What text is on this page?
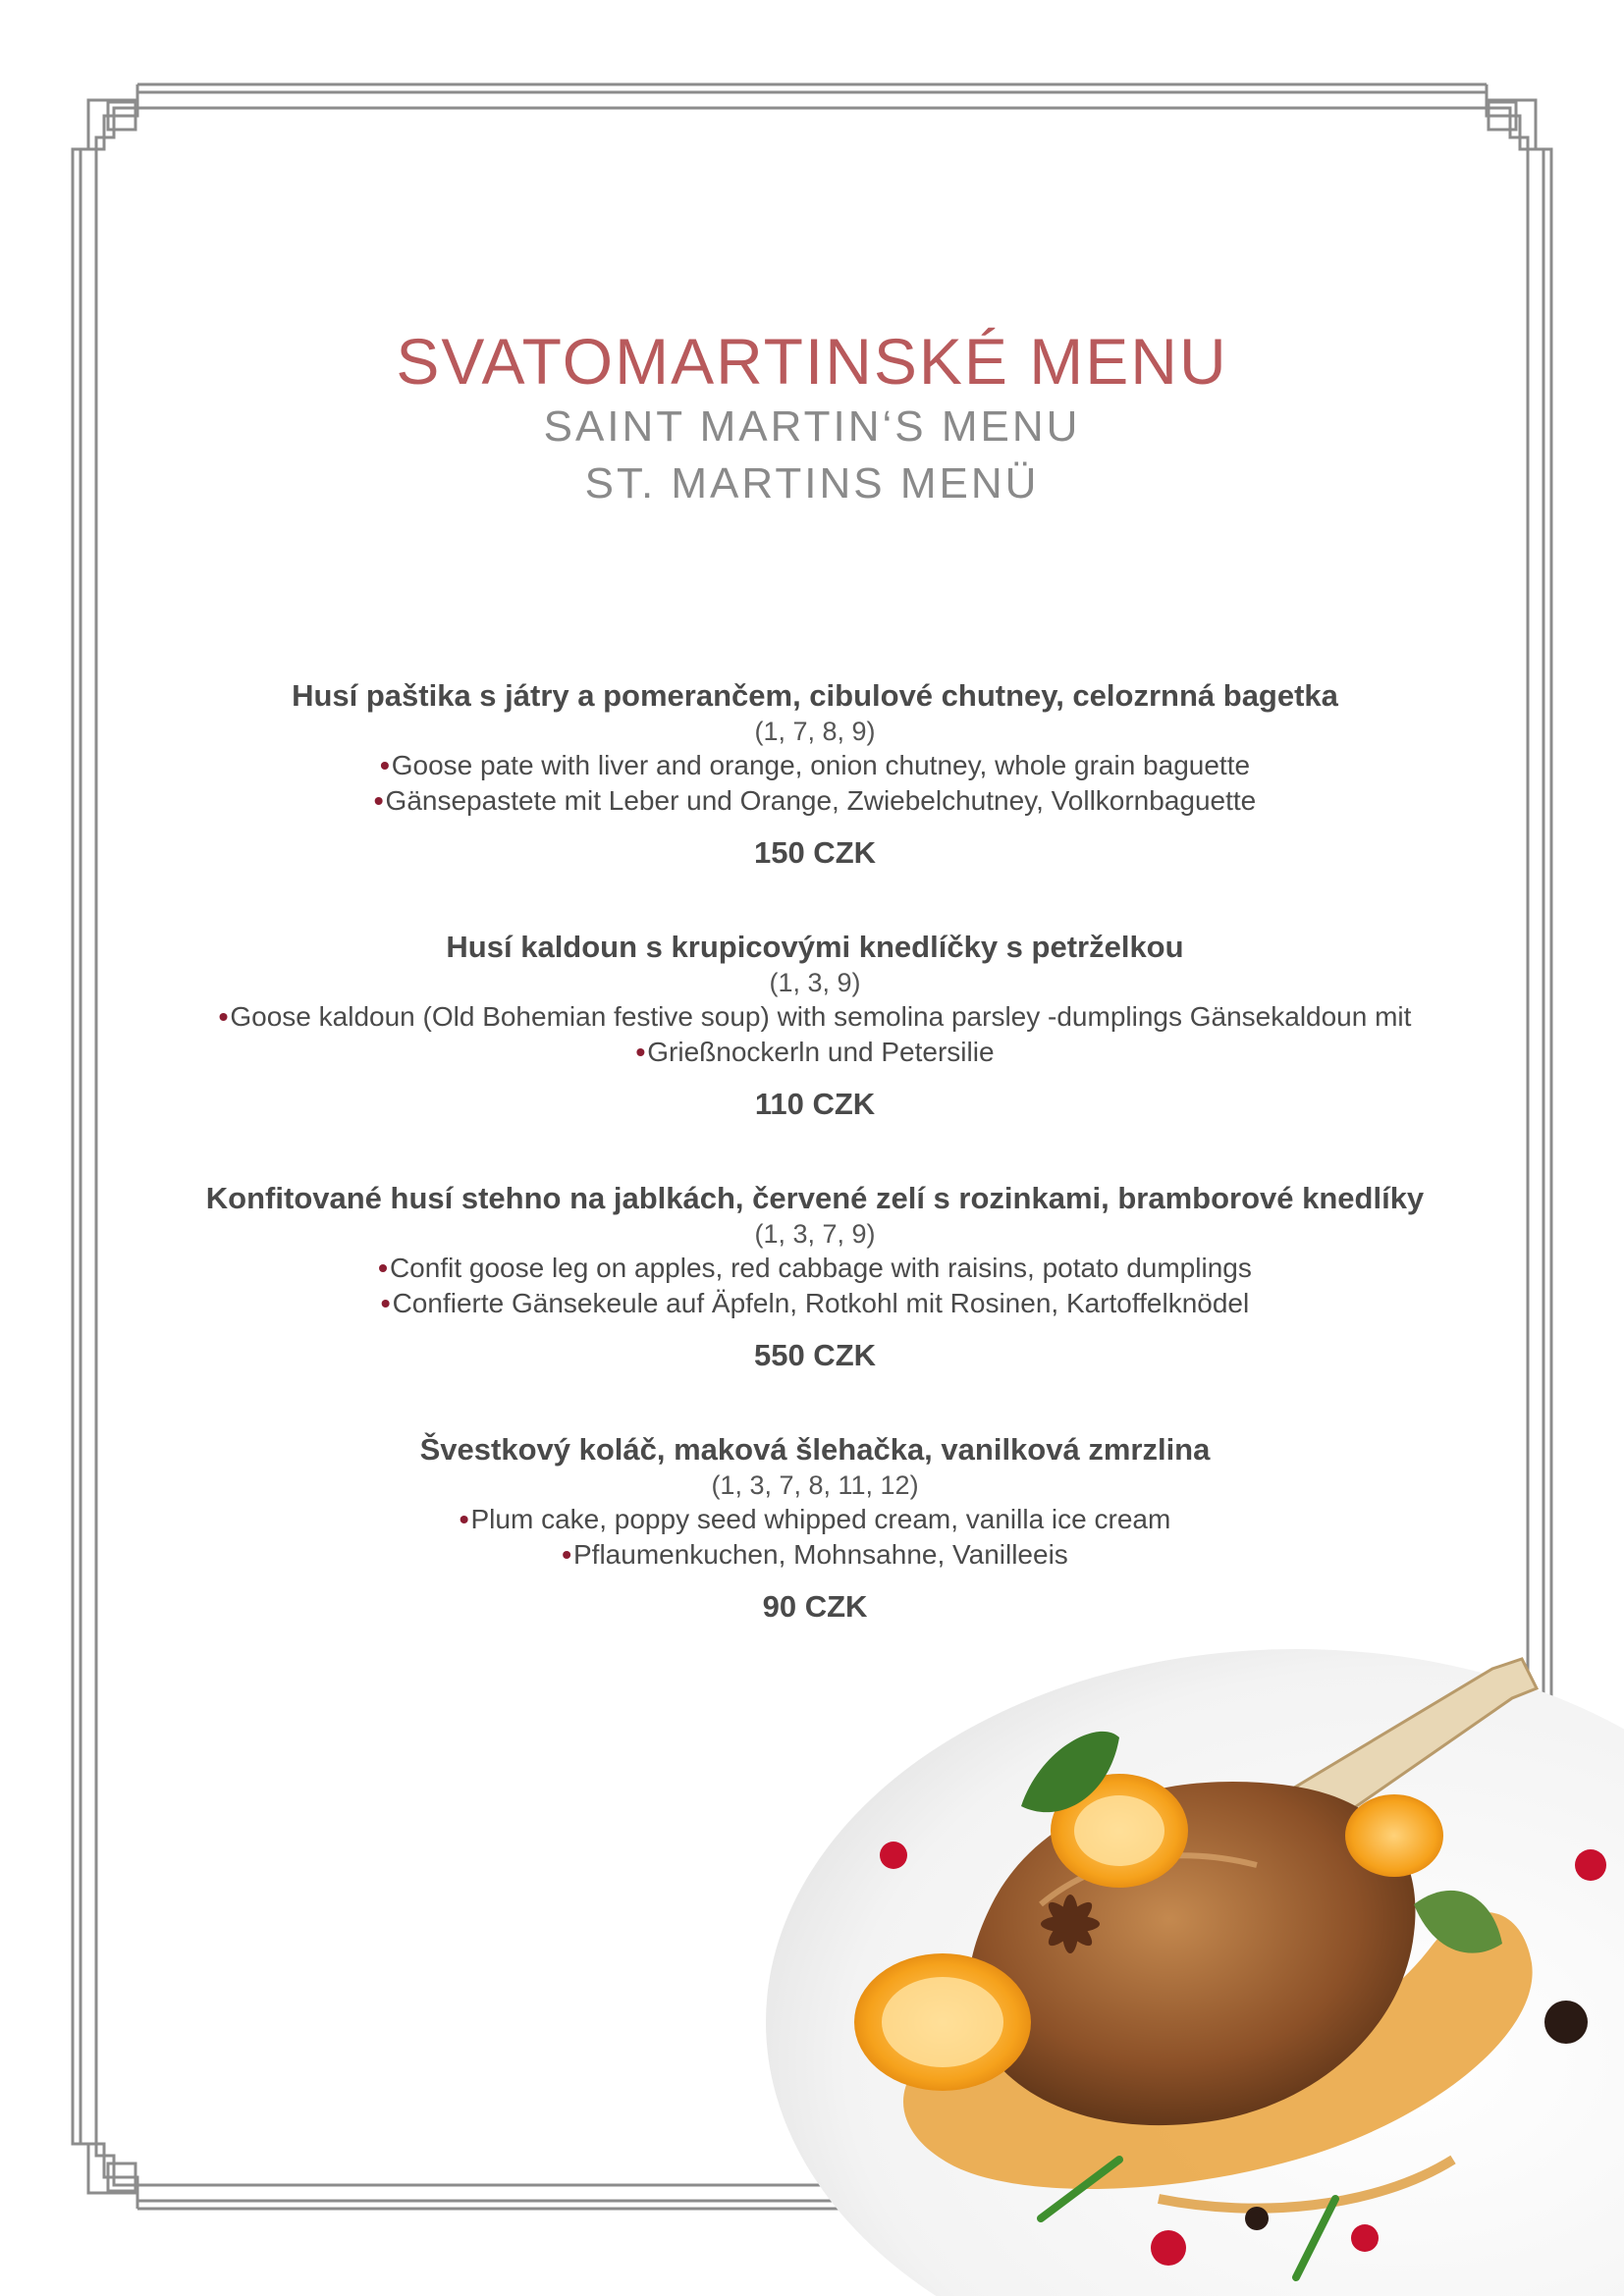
SVATOMARTINSKÉ MENU
SAINT MARTIN‘S MENU
ST. MARTINS MENÜ
Husí paštika s játry a pomerančem, cibulové chutney, celozrnná bagetka
(1, 7, 8, 9)
•Goose pate with liver and orange, onion chutney, whole grain baguette
•Gänsepastete mit Leber und Orange, Zwiebelchutney, Vollkornbaguette
150 CZK
Husí kaldoun s krupicovými knedlíčky s petrželkou
(1, 3, 9)
•Goose kaldoun (Old Bohemian festive soup) with semolina parsley -dumplings Gänsekaldoun mit
•Grießnockerln und Petersilie
110 CZK
Konfitované husí stehno na jablkách, červené zelí s rozinkami, bramborové knedlíky
(1, 3, 7, 9)
•Confit goose leg on apples, red cabbage with raisins, potato dumplings
•Confierte Gänsekeule auf Äpfeln, Rotkohl mit Rosinen, Kartoffelknödel
550 CZK
Švestkový koláč, maková šlehačka, vanilková zmrzlina
(1, 3, 7, 8, 11, 12)
•Plum cake, poppy seed whipped cream, vanilla ice cream
•Pflaumenkuchen, Mohnsahne, Vanilleeis
90 CZK
